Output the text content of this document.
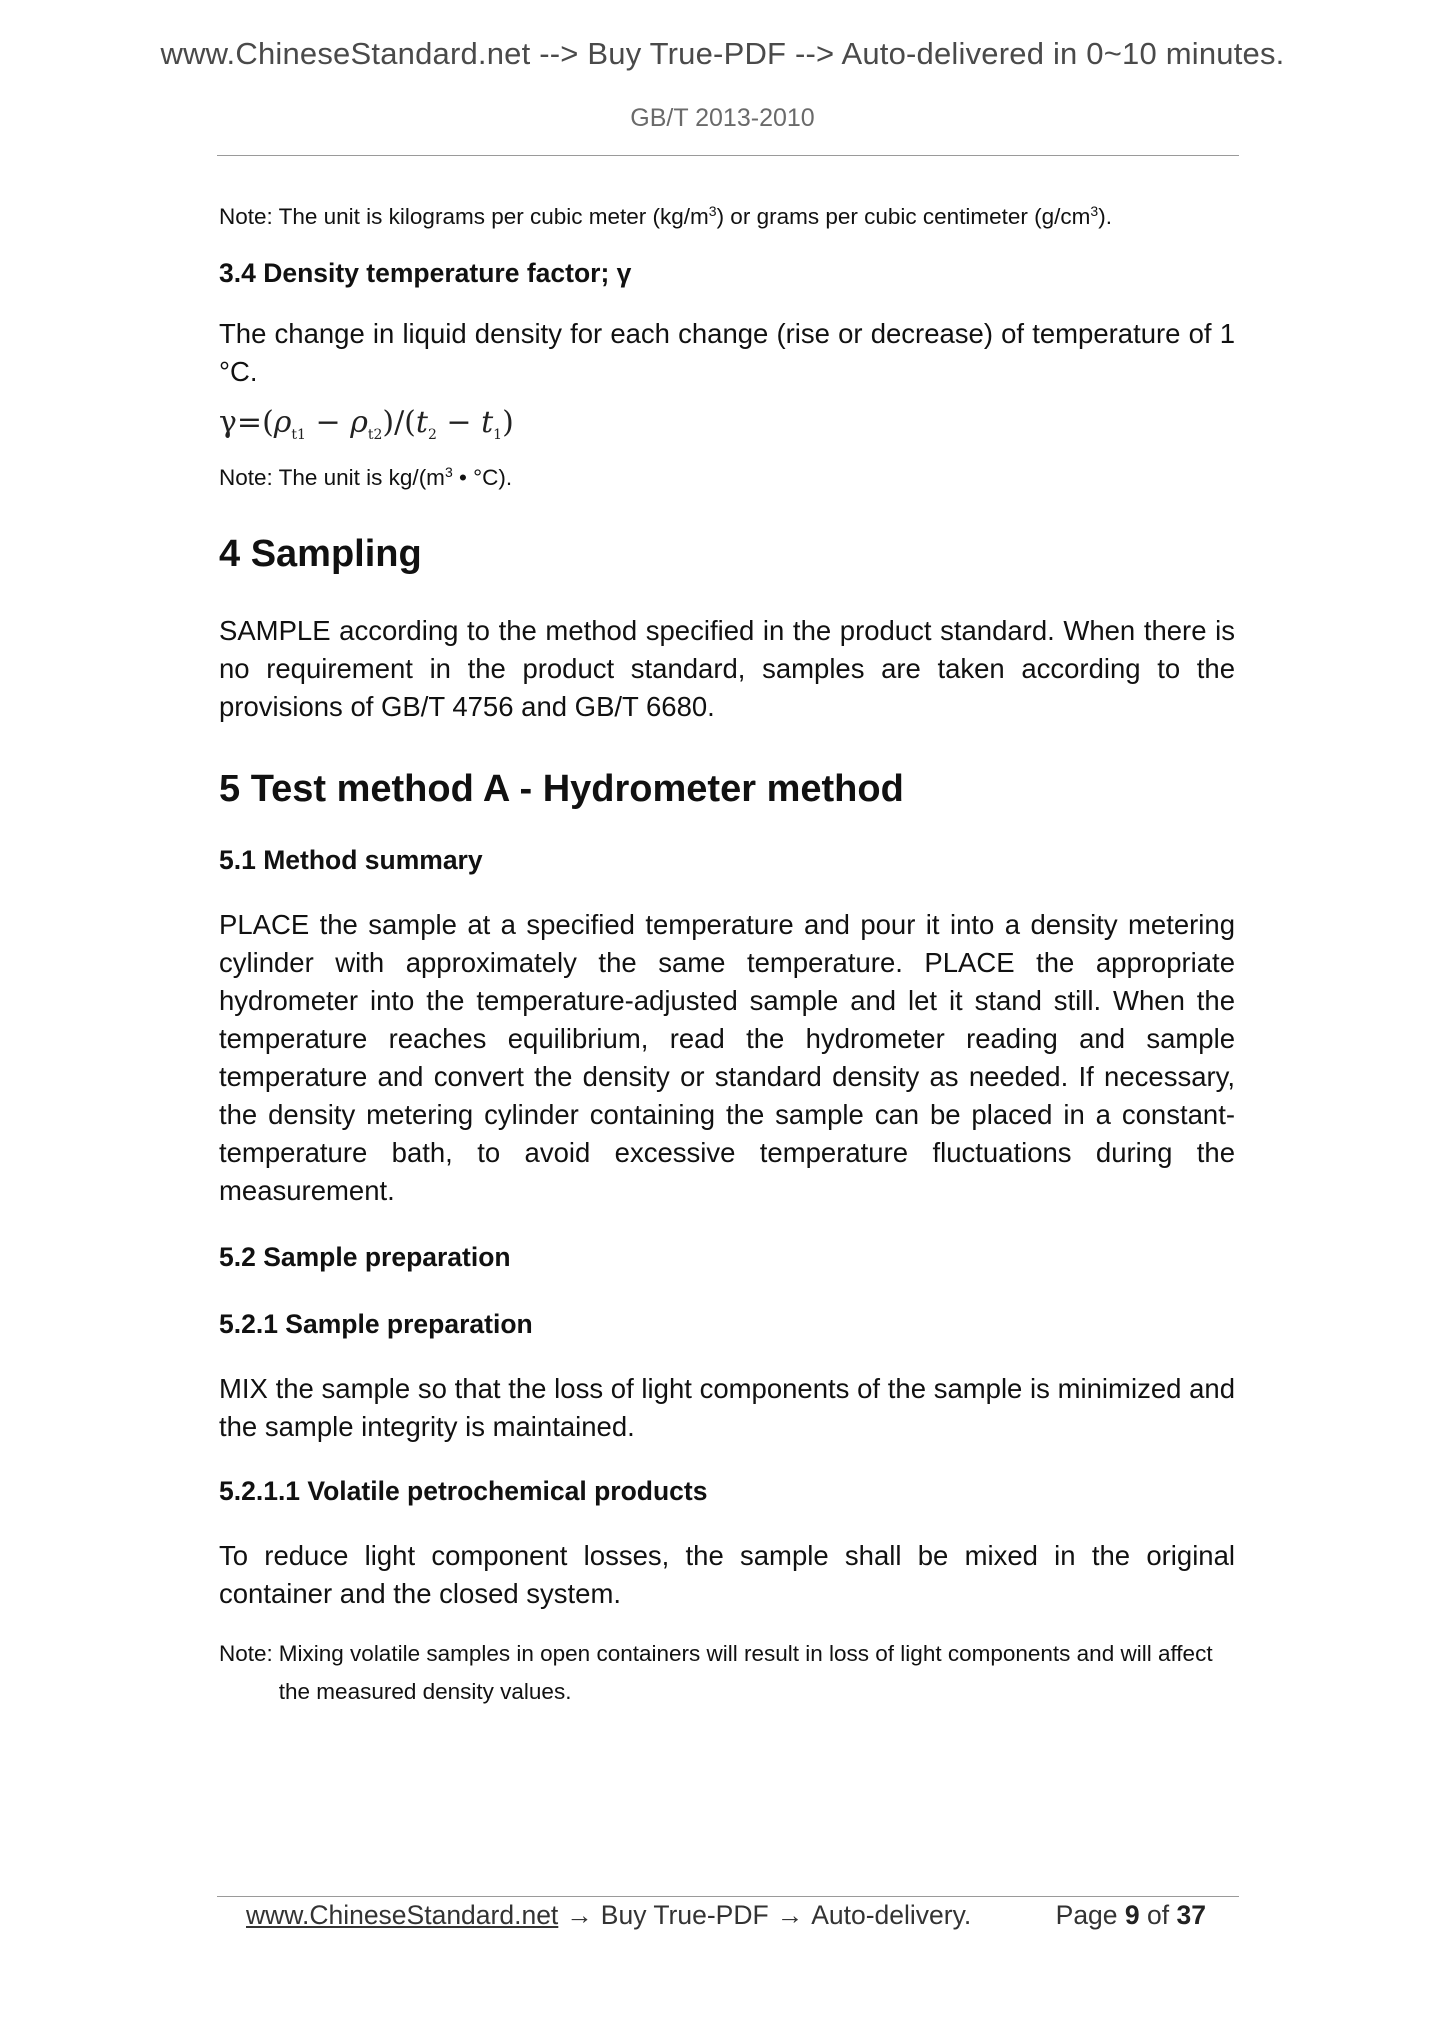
www.ChineseStandard.net --> Buy True-PDF --> Auto-delivered in 0~10 minutes.
GB/T 2013-2010

Note: The unit is kilograms per cubic meter $(kg/m^3)$ or grams per cubic centimeter $(g/cm^3)$.

3.4 Density temperature factor; γ

The change in liquid density for each change (rise or decrease) of temperature of 1 °C.

$\gamma=(\rho_{t1} - \rho_{t2})/(t_2 - t_1)$

Note: The unit is $kg/(m^3$ • °C).

4 Sampling

SAMPLE according to the method specified in the product standard. When there is no requirement in the product standard, samples are taken according to the provisions of GB/T 4756 and GB/T 6680.

5 Test method A - Hydrometer method
5.1 Method summary

PLACE the sample at a specified temperature and pour it into a density metering cylinder with approximately the same temperature. PLACE the appropriate hydrometer into the temperature-adjusted sample and let it stand still. When the temperature reaches equilibrium, read the hydrometer reading and sample temperature and convert the density or standard density as needed. If necessary, the density metering cylinder containing the sample can be placed in a constant-temperature bath, to avoid excessive temperature fluctuations during the measurement.

5.2 Sample preparation
5.2.1 Sample preparation

MIX the sample so that the loss of light components of the sample is minimized and the sample integrity is maintained.

5.2.1.1 Volatile petrochemical products

To reduce light component losses, the sample shall be mixed in the original container and the closed system.

Note: Mixing volatile samples in open containers will result in loss of light components and will affect the measured density values.
www.ChineseStandard.net → Buy True-PDF → Auto-delivery.	Page 9 of 37
